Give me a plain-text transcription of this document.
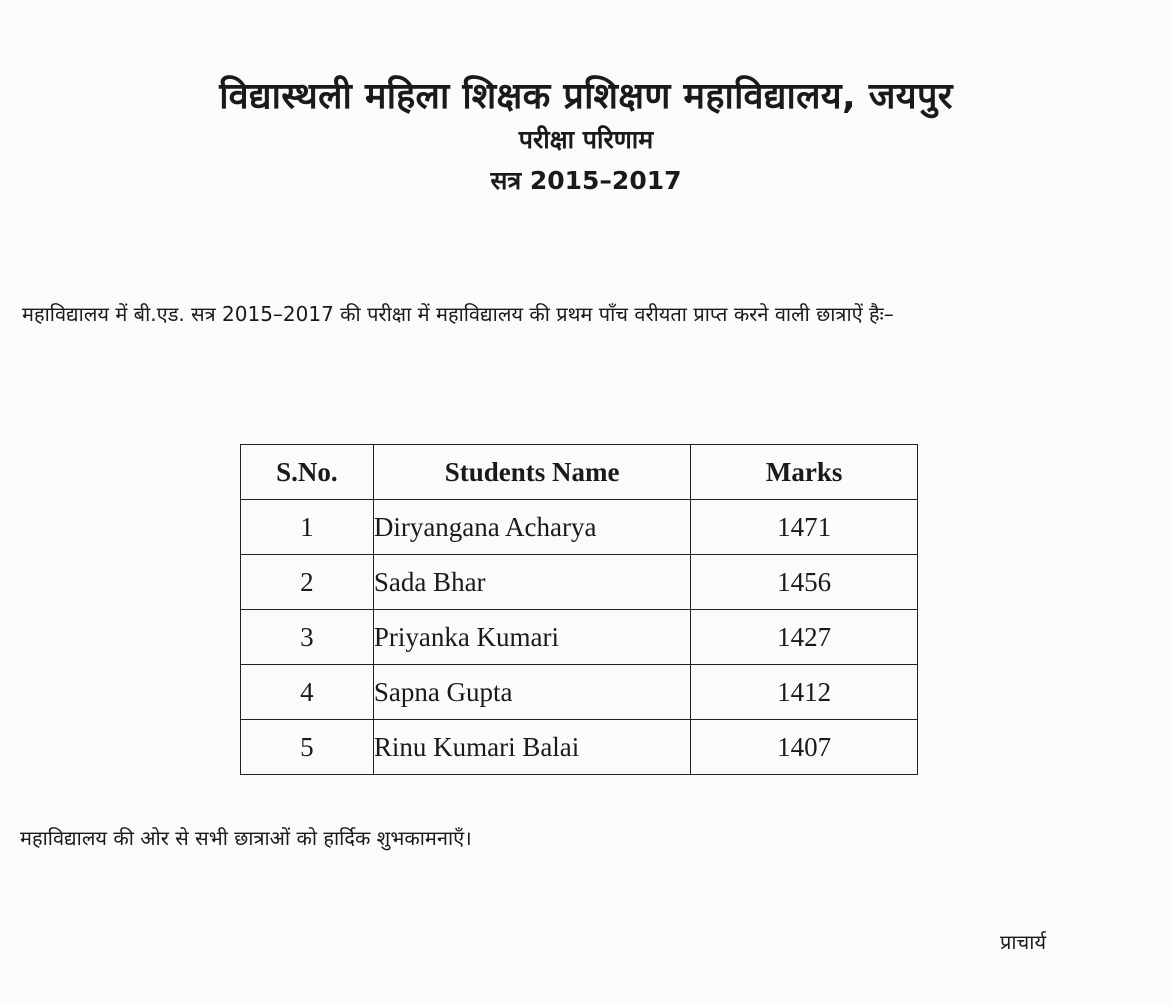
विद्यास्थली महिला शिक्षक प्रशिक्षण महाविद्यालय, जयपुर
परीक्षा परिणाम
सत्र 2015–2017
महाविद्यालय में बी.एड. सत्र 2015–2017 की परीक्षा में महाविद्यालय की प्रथम पाँच वरीयता प्राप्त करने वाली छात्राऐं हैः–
S.No.	Students Name	Marks
1	Diryangana Acharya	1471
2	Sada Bhar	1456
3	Priyanka Kumari	1427
4	Sapna Gupta	1412
5	Rinu Kumari Balai	1407
महाविद्यालय की ओर से सभी छात्राओं को हार्दिक शुभकामनाएँ।
प्राचार्य
